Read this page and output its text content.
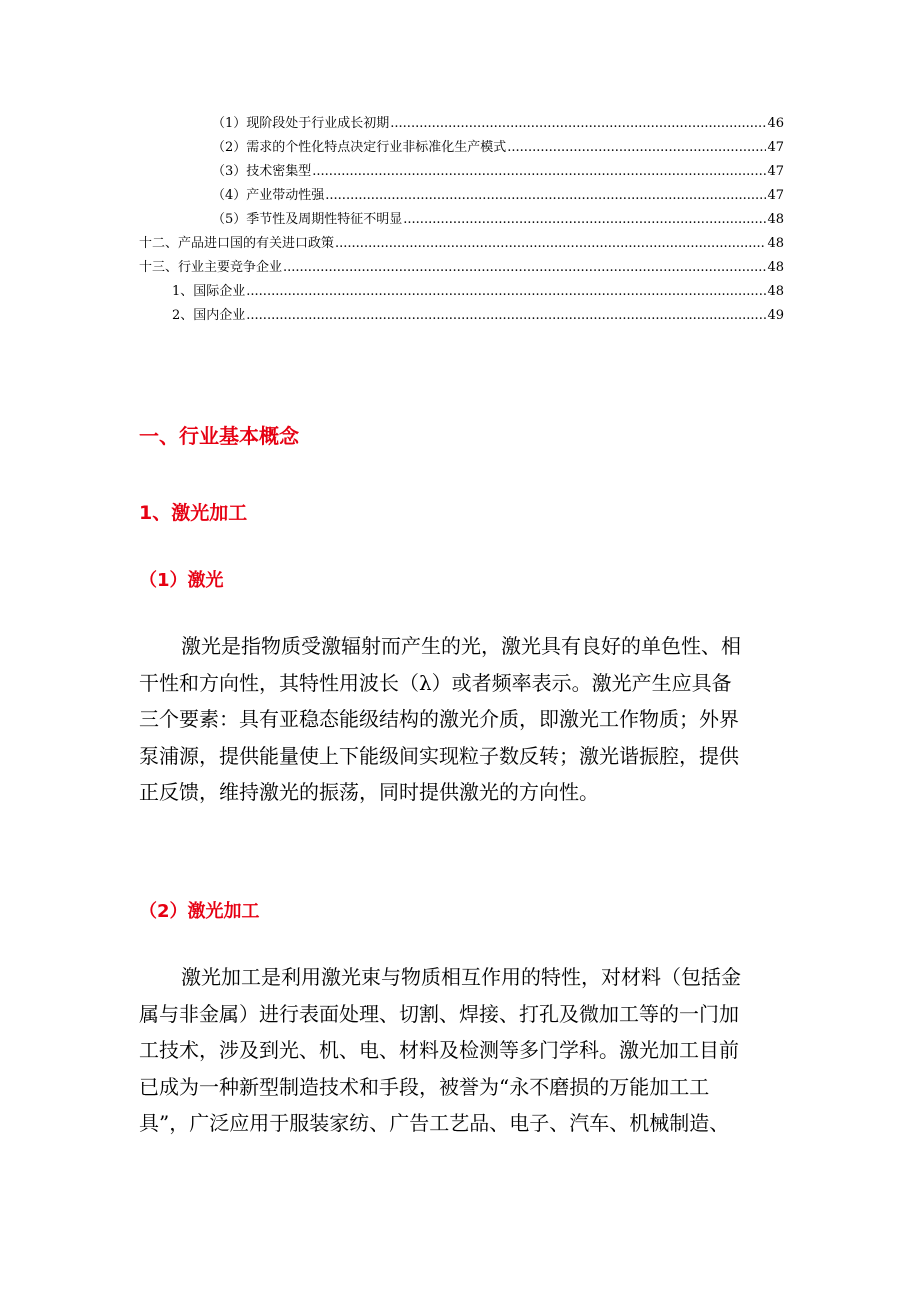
（1）现阶段处于行业成长初期 .....	46
（2）需求的个性化特点决定行业非标准化生产模式 .....	47
（3）技术密集型 .....	47
（4）产业带动性强 .....	47
（5）季节性及周期性特征不明显 .....	48
十二、产品进口国的有关进口政策 .....	48
十三、行业主要竞争企业 .....	48
1、国际企业 .....	48
2、国内企业 .....	49
一、行业基本概念
1、激光加工
（1）激光
激光是指物质受激辐射而产生的光，激光具有良好的单色性、相
干性和方向性，其特性用波长（λ）或者频率表示。激光产生应具备
三个要素：具有亚稳态能级结构的激光介质，即激光工作物质；外界
泵浦源，提供能量使上下能级间实现粒子数反转；激光谐振腔，提供
正反馈，维持激光的振荡，同时提供激光的方向性。
（2）激光加工
激光加工是利用激光束与物质相互作用的特性，对材料（包括金
属与非金属）进行表面处理、切割、焊接、打孔及微加工等的一门加
工技术，涉及到光、机、电、材料及检测等多门学科。激光加工目前
已成为一种新型制造技术和手段，被誉为“永不磨损的万能加工工
具”，广泛应用于服装家纺、广告工艺品、电子、汽车、机械制造、
